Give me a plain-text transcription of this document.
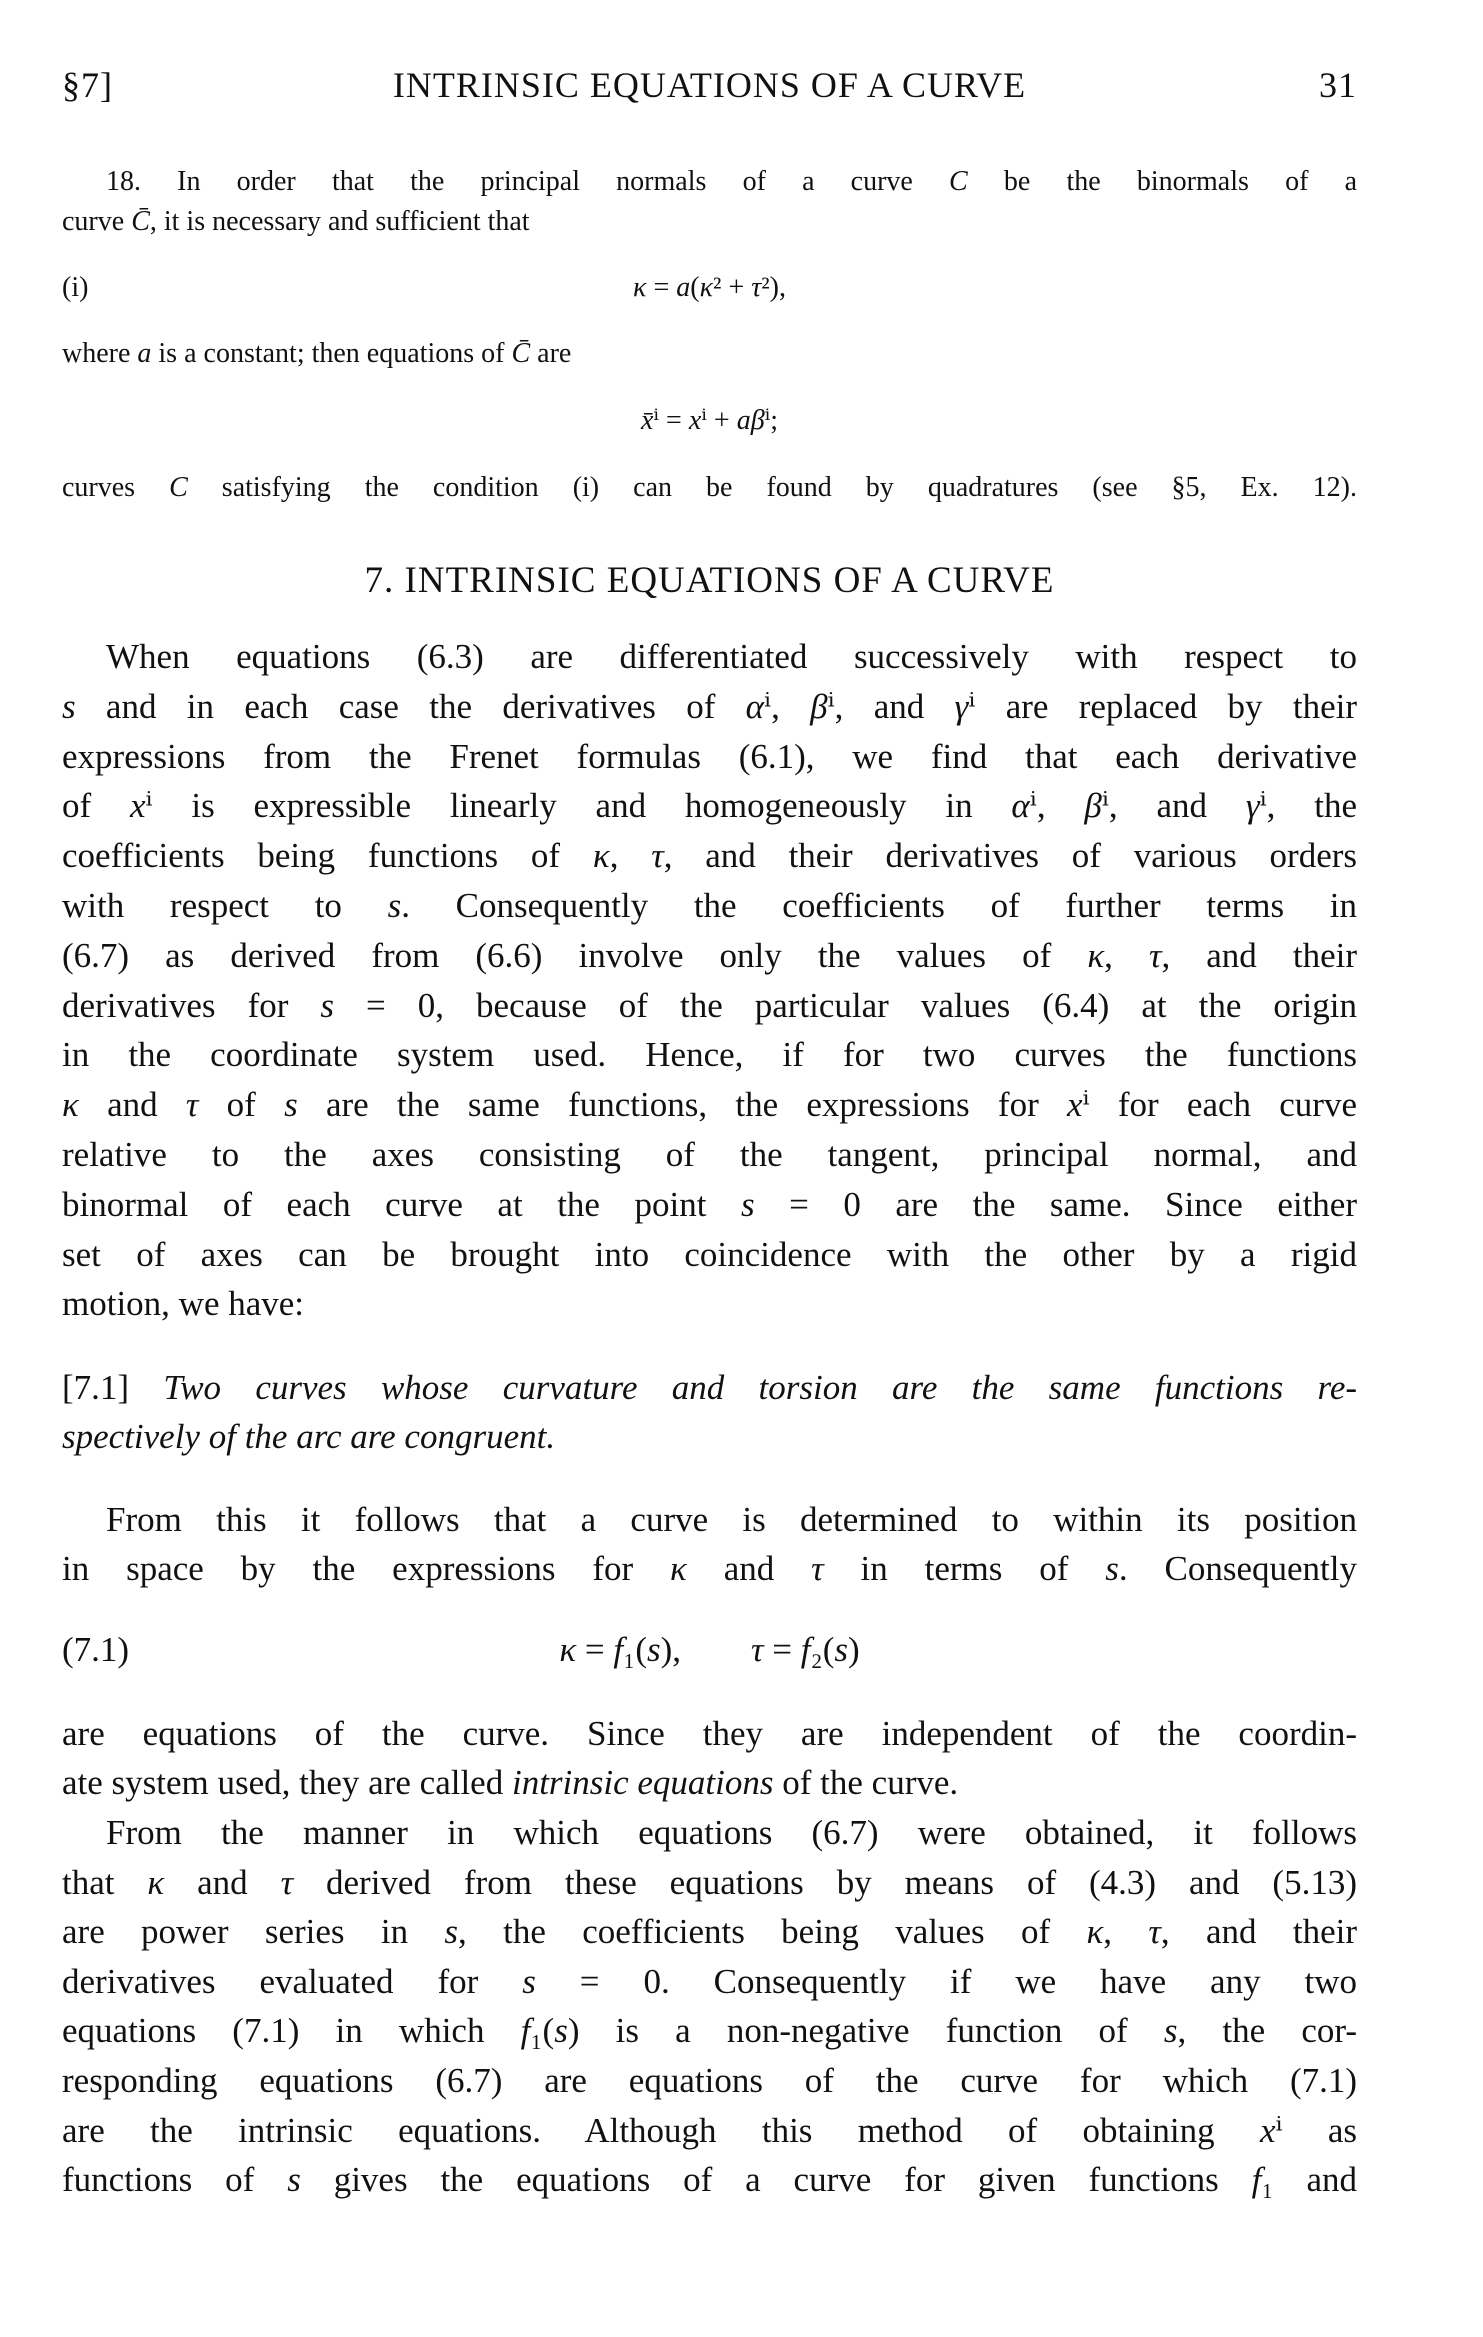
§7]	INTRINSIC EQUATIONS OF A CURVE	31
18. In order that the principal normals of a curve C be the binormals of a
curve C̄, it is necessary and sufficient that
(i)	κ = a(κ² + τ²),
where a is a constant; then equations of C̄ are
x̄ⁱ = xⁱ + aβⁱ;
curves C satisfying the condition (i) can be found by quadratures (see §5, Ex. 12).
7. INTRINSIC EQUATIONS OF A CURVE
When equations (6.3) are differentiated successively with respect to
s and in each case the derivatives of αⁱ, βⁱ, and γⁱ are replaced by their
expressions from the Frenet formulas (6.1), we find that each derivative
of xⁱ is expressible linearly and homogeneously in αⁱ, βⁱ, and γⁱ, the
coefficients being functions of κ, τ, and their derivatives of various orders
with respect to s. Consequently the coefficients of further terms in
(6.7) as derived from (6.6) involve only the values of κ, τ, and their
derivatives for s = 0, because of the particular values (6.4) at the origin
in the coordinate system used. Hence, if for two curves the functions
κ and τ of s are the same functions, the expressions for xⁱ for each curve
relative to the axes consisting of the tangent, principal normal, and
binormal of each curve at the point s = 0 are the same. Since either
set of axes can be brought into coincidence with the other by a rigid
motion, we have:
[7.1] Two curves whose curvature and torsion are the same functions re-
spectively of the arc are congruent.
From this it follows that a curve is determined to within its position
in space by the expressions for κ and τ in terms of s. Consequently
(7.1)	κ = f₁(s),        τ = f₂(s)
are equations of the curve. Since they are independent of the coordin-
ate system used, they are called intrinsic equations of the curve.
From the manner in which equations (6.7) were obtained, it follows
that κ and τ derived from these equations by means of (4.3) and (5.13)
are power series in s, the coefficients being values of κ, τ, and their
derivatives evaluated for s = 0. Consequently if we have any two
equations (7.1) in which f₁(s) is a non-negative function of s, the cor-
responding equations (6.7) are equations of the curve for which (7.1)
are the intrinsic equations. Although this method of obtaining xⁱ as
functions of s gives the equations of a curve for given functions f₁ and
